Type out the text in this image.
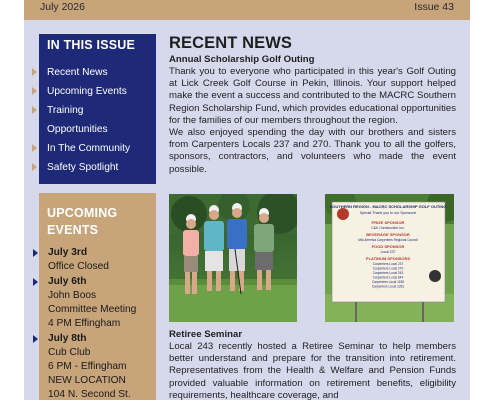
July 2026	Issue 43
IN THIS ISSUE
Recent News
Upcoming Events
Training
Opportunities
In The Community
Safety Spotlight
UPCOMING
EVENTS
July 3rd
Office Closed
July 6th
John Boos
Committee Meeting
4 PM Effingham
July 8th
Cub Club
6 PM - Effingham
NEW LOCATION
104 N. Second St.
RECENT NEWS
Annual Scholarship Golf Outing

Thank you to everyone who participated in this year's Golf Outing at Lick Creek Golf Course in Pekin, Illinois. Your support helped make the event a success and contributed to the MACRC Southern Region Scholarship Fund, which provides educational opportunities for the families of our members throughout the region.

We also enjoyed spending the day with our brothers and sisters from Carpenters Locals 237 and 270. Thank you to all the golfers, sponsors, contractors, and volunteers who made the event possible.

SOUTHERN REGION - MACRC SCHOLARSHIP GOLF OUTING
Special Thank you to our Sponsors!
PRIZE SPONSOR
C&K Construction Inc.
BEVERAGE SPONSOR
Mid-America Carpenters Regional Council
FOOD SPONSOR
Local 237
PLATINUM SPONSORS
Carpenters Local 237
Carpenters Local 270
Carpenters Local 243
Carpenters Local 644
Carpenters Local 1185
Carpenters Local 1361
Retiree Seminar

Local 243 recently hosted a Retiree Seminar to help members better understand and prepare for the transition into retirement. Representatives from the Health & Welfare and Pension Funds provided valuable information on retirement benefits, eligibility requirements, healthcare coverage, and
